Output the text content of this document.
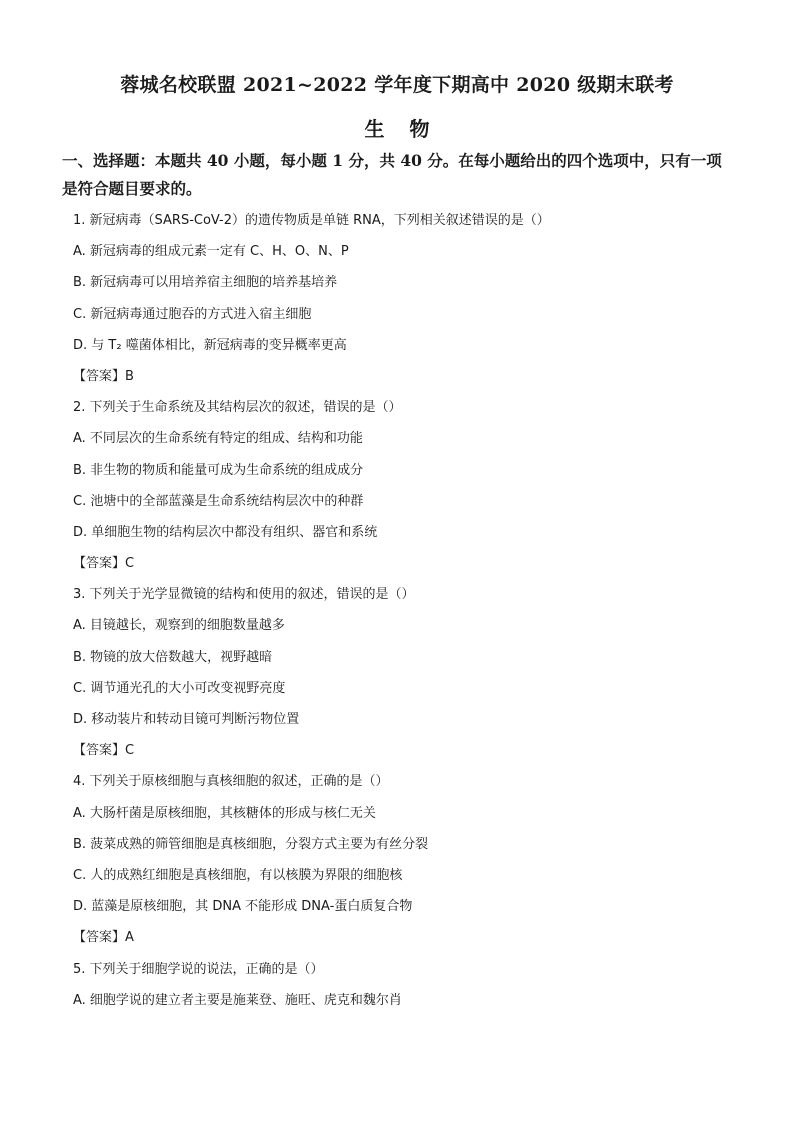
蓉城名校联盟 2021~2022 学年度下期高中 2020 级期末联考
生 物
一、选择题：本题共 40 小题，每小题 1 分，共 40 分。在每小题给出的四个选项中，只有一项是符合题目要求的。
1. 新冠病毒（SARS-CoV-2）的遗传物质是单链 RNA，下列相关叙述错误的是（）
A. 新冠病毒的组成元素一定有 C、H、O、N、P
B. 新冠病毒可以用培养宿主细胞的培养基培养
C. 新冠病毒通过胞吞的方式进入宿主细胞
D. 与 T₂ 噬菌体相比，新冠病毒的变异概率更高
【答案】B
2. 下列关于生命系统及其结构层次的叙述，错误的是（）
A. 不同层次的生命系统有特定的组成、结构和功能
B. 非生物的物质和能量可成为生命系统的组成成分
C. 池塘中的全部蓝藻是生命系统结构层次中的种群
D. 单细胞生物的结构层次中都没有组织、器官和系统
【答案】C
3. 下列关于光学显微镜的结构和使用的叙述，错误的是（）
A. 目镜越长，观察到的细胞数量越多
B. 物镜的放大倍数越大，视野越暗
C. 调节通光孔的大小可改变视野亮度
D. 移动装片和转动目镜可判断污物位置
【答案】C
4. 下列关于原核细胞与真核细胞的叙述，正确的是（）
A. 大肠杆菌是原核细胞，其核糖体的形成与核仁无关
B. 菠菜成熟的筛管细胞是真核细胞，分裂方式主要为有丝分裂
C. 人的成熟红细胞是真核细胞，有以核膜为界限的细胞核
D. 蓝藻是原核细胞，其 DNA 不能形成 DNA-蛋白质复合物
【答案】A
5. 下列关于细胞学说的说法，正确的是（）
A. 细胞学说的建立者主要是施莱登、施旺、虎克和魏尔肖
